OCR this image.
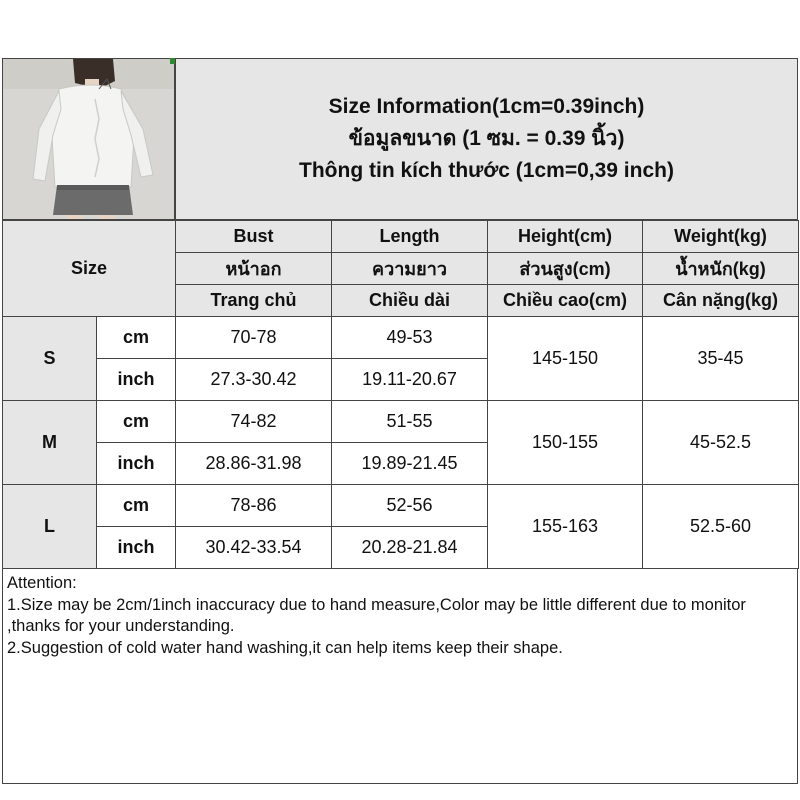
Size Information(1cm=0.39inch)
ข้อมูลขนาด (1 ซม. = 0.39 นิ้ว)
Thông tin kích thước (1cm=0,39 inch)
Size		Bust	Length	Height(cm)	Weight(kg)
		หน้าอก	ความยาว	ส่วนสูง(cm)	น้ำหนัก(kg)
		Trang chủ	Chiều dài	Chiều cao(cm)	Cân nặng(kg)
S	cm	70-78	49-53	145-150	35-45
	inch	27.3-30.42	19.11-20.67		
M	cm	74-82	51-55	150-155	45-52.5
	inch	28.86-31.98	19.89-21.45		
L	cm	78-86	52-56	155-163	52.5-60
	inch	30.42-33.54	20.28-21.84		
Attention:
1.Size may be 2cm/1inch inaccuracy due to hand measure,Color may be little different due to monitor ,thanks for your understanding.
2.Suggestion of cold water hand washing,it can help items keep their shape.
